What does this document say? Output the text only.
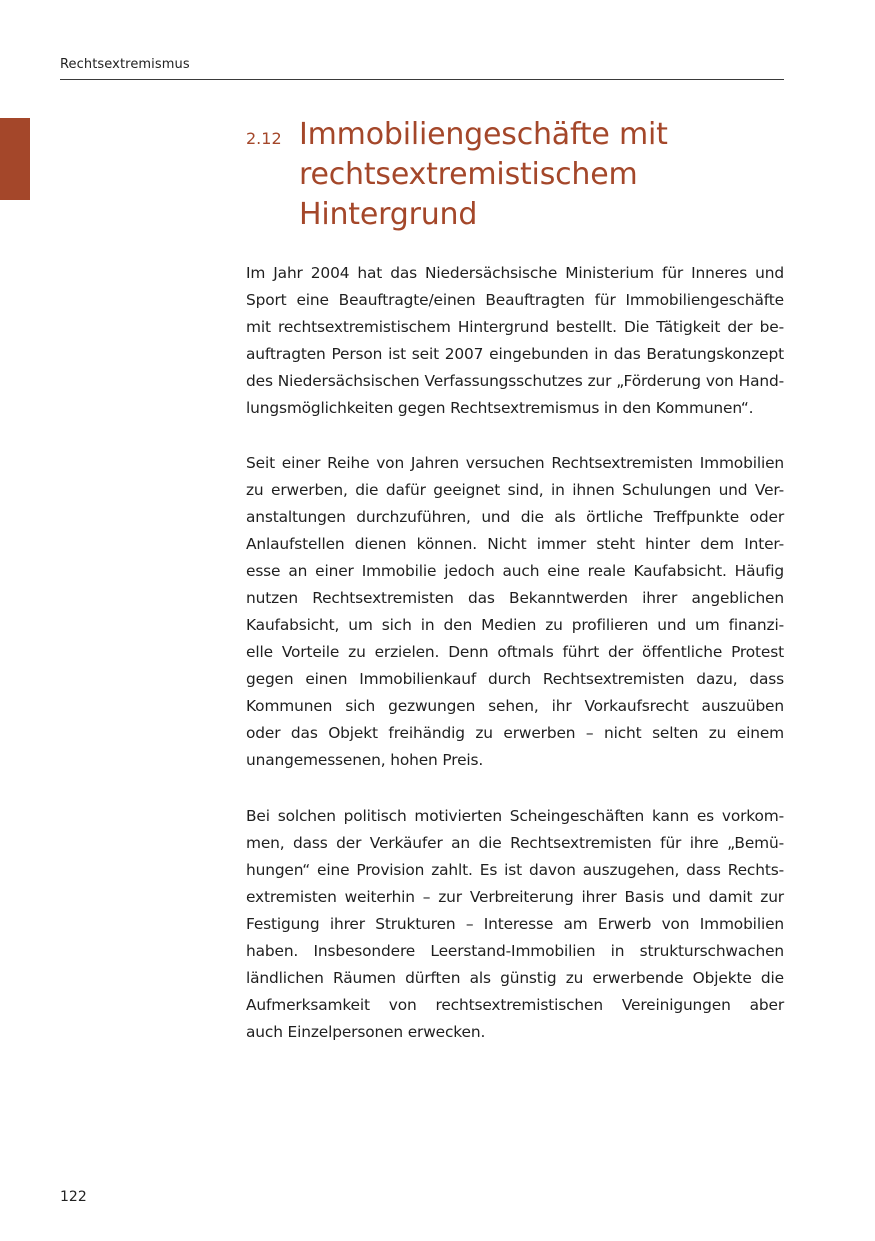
Rechtsextremismus
2.12 Immobiliengeschäfte mit
rechtsextremistischem
Hintergrund
Im Jahr 2004 hat das Niedersächsische Ministerium für Inneres und
Sport eine Beauftragte/einen Beauftragten für Immobiliengeschäfte
mit rechtsextremistischem Hintergrund bestellt. Die Tätigkeit der be-
auftragten Person ist seit 2007 eingebunden in das Beratungskonzept
des Niedersächsischen Verfassungsschutzes zur „Förderung von Hand-
lungsmöglichkeiten gegen Rechtsextremismus in den Kommunen“.
Seit einer Reihe von Jahren versuchen Rechtsextremisten Immobilien
zu erwerben, die dafür geeignet sind, in ihnen Schulungen und Ver-
anstaltungen durchzuführen, und die als örtliche Treffpunkte oder
Anlaufstellen dienen können. Nicht immer steht hinter dem Inter-
esse an einer Immobilie jedoch auch eine reale Kaufabsicht. Häufig
nutzen Rechtsextremisten das Bekanntwerden ihrer angeblichen
Kaufabsicht, um sich in den Medien zu profilieren und um finanzi-
elle Vorteile zu erzielen. Denn oftmals führt der öffentliche Protest
gegen einen Immobilienkauf durch Rechtsextremisten dazu, dass
Kommunen sich gezwungen sehen, ihr Vorkaufsrecht auszuüben
oder das Objekt freihändig zu erwerben – nicht selten zu einem
unangemessenen, hohen Preis.
Bei solchen politisch motivierten Scheingeschäften kann es vorkom-
men, dass der Verkäufer an die Rechtsextremisten für ihre „Bemü-
hungen“ eine Provision zahlt. Es ist davon auszugehen, dass Rechts-
extremisten weiterhin – zur Verbreiterung ihrer Basis und damit zur
Festigung ihrer Strukturen – Interesse am Erwerb von Immobilien
haben. Insbesondere Leerstand-Immobilien in strukturschwachen
ländlichen Räumen dürften als günstig zu erwerbende Objekte die
Aufmerksamkeit von rechtsextremistischen Vereinigungen aber
auch Einzelpersonen erwecken.
122
